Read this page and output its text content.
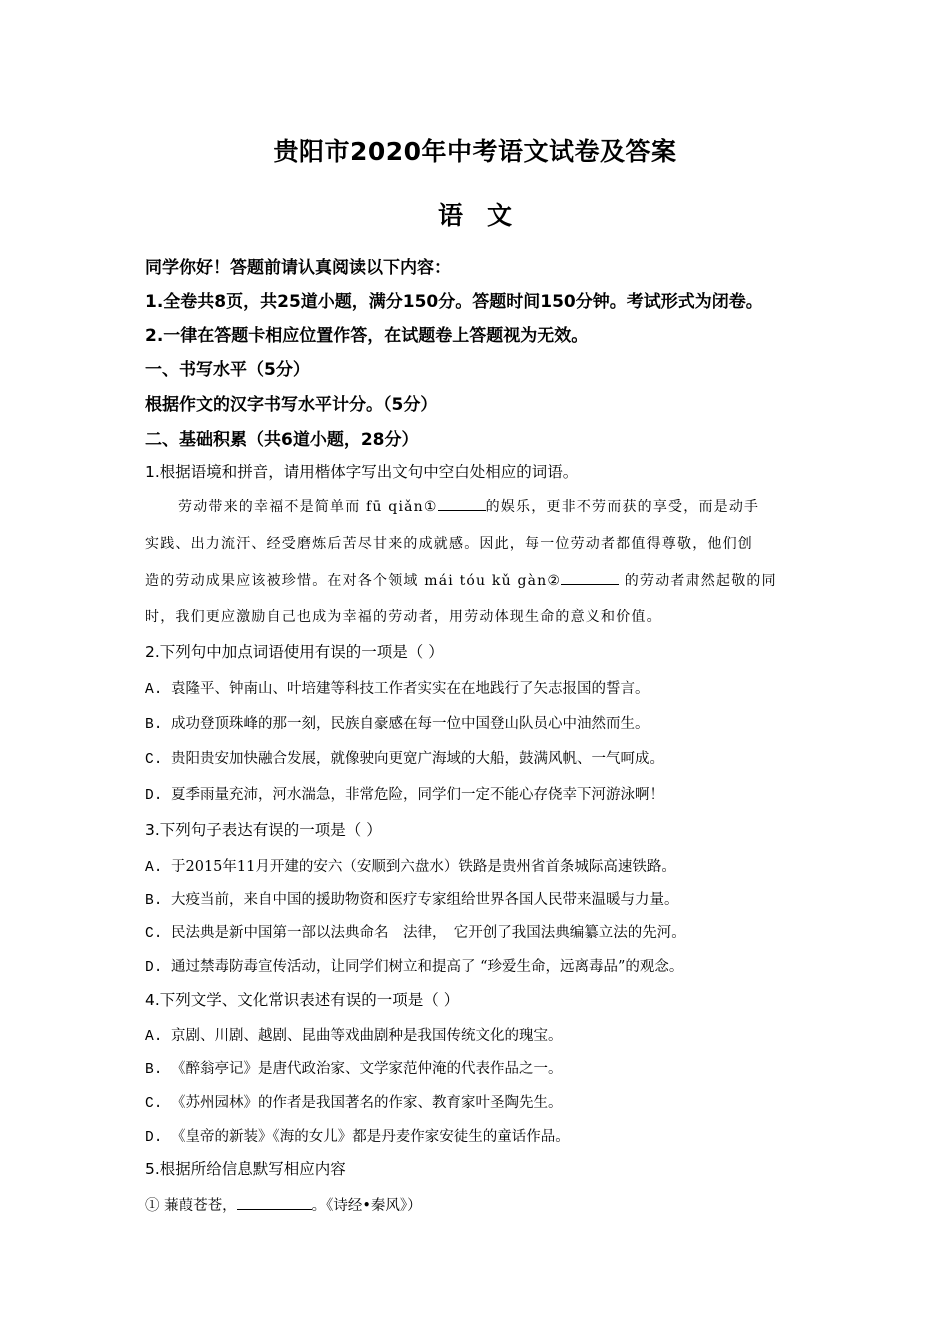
贵阳市2020年中考语文试卷及答案
语文
同学你好！答题前请认真阅读以下内容：
1.全卷共8页，共25道小题，满分150分。答题时间150分钟。考试形式为闭卷。
2.一律在答题卡相应位置作答，在试题卷上答题视为无效。
一、书写水平（5分）
根据作文的汉字书写水平计分。（5分）
二、基础积累（共6道小题，28分）
1.根据语境和拼音，请用楷体字写出文句中空白处相应的词语。
劳动带来的幸福不是简单而 fū qiǎn①	的娱乐，更非不劳而获的享受，而是动手
实践、出力流汗、经受磨炼后苦尽甘来的成就感。因此，每一位劳动者都值得尊敬，他们创
造的劳动成果应该被珍惜。在对各个领域 mái tóu kǔ gàn②	的劳动者肃然起敬的同
时，我们更应激励自己也成为幸福的劳动者，用劳动体现生命的意义和价值。
2.下列句中加点词语使用有误的一项是（ ）
A. 袁隆平、钟南山、叶培建等科技工作者实实在在地践行了矢志报国的誓言。
B. 成功登顶珠峰的那一刻，民族自豪感在每一位中国登山队员心中油然而生。
C. 贵阳贵安加快融合发展，就像驶向更宽广海域的大船，鼓满风帆、一气呵成。
D. 夏季雨量充沛，河水湍急，非常危险，同学们一定不能心存侥幸下河游泳啊！
3.下列句子表达有误的一项是（ ）
A. 于2015年11月开建的安六（安顺到六盘水）铁路是贵州省首条城际高速铁路。
B. 大疫当前，来自中国的援助物资和医疗专家组给世界各国人民带来温暖与力量。
C. 民法典是新中国第一部以法典命名　法律，　它开创了我国法典编纂立法的先河。
D. 通过禁毒防毒宣传活动，让同学们树立和提高了 “珍爱生命，远离毒品”的观念。
4.下列文学、文化常识表述有误的一项是（ ）
A. 京剧、川剧、越剧、昆曲等戏曲剧种是我国传统文化的瑰宝。
B. 《醉翁亭记》是唐代政治家、文学家范仲淹的代表作品之一。
C. 《苏州园林》的作者是我国著名的作家、教育家叶圣陶先生。
D. 《皇帝的新装》《海的女儿》都是丹麦作家安徒生的童话作品。
5.根据所给信息默写相应内容
① 蒹葭苍苍，	。《诗经•秦风》）
